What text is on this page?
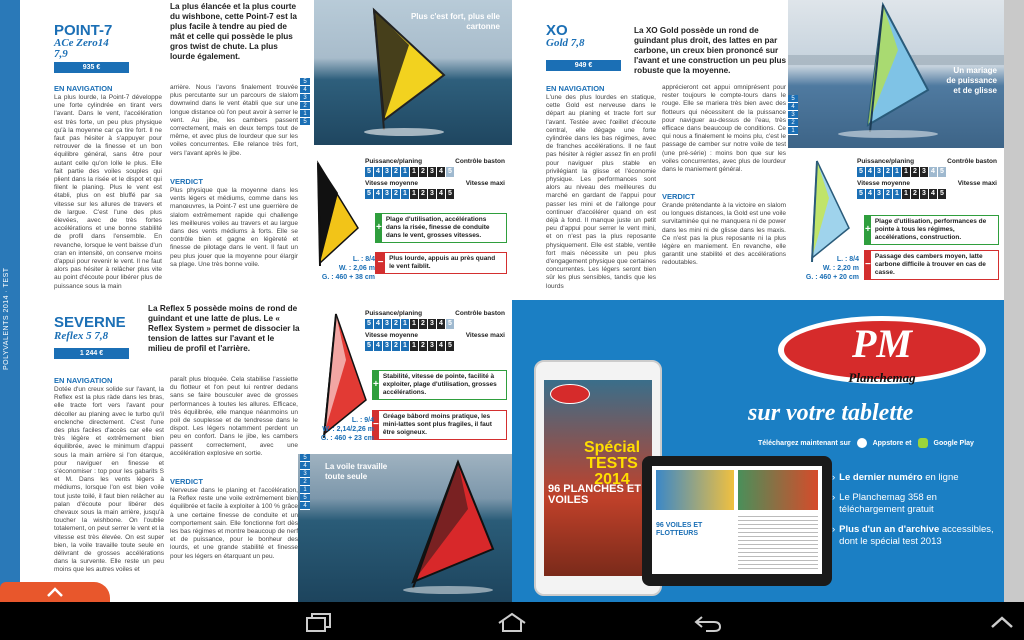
POLYVALENTS 2014 · TEST
POINT-7
ACe Zero14
7,9
935 €
La plus élancée et la plus courte du wishbone, cette Point-7 est la plus facile à tendre au pied de mât et celle qui possède le plus gros twist de chute. La plus lourde également.
Plus c'est fort, plus elle cartonne
5
4
3
2
1
5
EN NAVIGATION
La plus lourde, la Point-7 développe une forte cylindrée en tirant vers l'avant. Dans le vent, l'accélération est très forte, un peu plus physique qu'à la moyenne car ça tire fort. Il ne faut pas hésiter à s'appuyer pour retrouver de la finesse et un bon équilibre général, sans être pour autant celle qu'on lolle le plus. Elle fait partie des voiles souples qui plient dans la risée et le dispot et qui filent le planing. Plus le vent est établi, plus on est bluffé par sa vitesse sur les allures de travers et de largue. C'est l'une des plus élevées, avec de très fortes accélérations et une bonne stabilité de profil dans l'ensemble. En revanche, lorsque le vent baisse d'un cran en intensité, on conserve moins d'appui pour revenir le vent. Il ne faut alors pas hésiter à relâcher plus vite au point d'écoute pour libérer plus de puissance sous la main
arrière. Nous l'avons finalement trouvée plus percutante sur un parcours de slalom downwind dans le vent établi que sur une longue distance où l'on peut avoir à serrer le vent. Au jibe, les cambers passent correctement, mais en deux temps tout de même, et avec plus de lourdeur que sur les voiles concurrentes. Elle relance très fort, vers l'avant après le jibe.
VERDICT
Plus physique que la moyenne dans les vents légers et médiums, comme dans les manœuvres, la Point-7 est une guerrière de slalom extrêmement rapide qui challenge les meilleures voiles au travers et au largue dans des vents médiums à forts. Elle se contrôle bien et gagne en légèreté et finesse de pilotage dans le vent. Il faut un peu plus jouer que la moyenne pour élargir sa plage. Une très bonne voile.
Puissance/planing	Contrôle baston
5 4 3 2 1 1 2 3 4 5
Vitesse moyenne	Vitesse maxi
5 4 3 2 1 1 2 3 4 5
+
Plage d'utilisation, accélérations dans la risée, finesse de conduite dans le vent, grosses vitesses.
− Plus lourde, appuis au près quand le vent faiblit.
L. : 8/4
W. : 2,06 m
G. : 460 + 38 cm
XO
Gold 7,8
949 €
La XO Gold possède un rond de guindant plus droit, des lattes en par carbone, un creux bien prononcé sur l'avant et une construction un peu plus robuste que la moyenne.	Un mariage de puissance et de glisse
5
4
3
2
1
EN NAVIGATION
L'une des plus lourdes en statique, cette Gold est nerveuse dans le départ au planing et tracte fort sur l'avant. Testée avec l'œillet d'écoute central, elle dégage une forte cylindrée dans les bas régimes, avec de franches accélérations. Il ne faut pas hésiter à régler assez fin en profil pour naviguer plus stable en privilégiant la glisse et l'économie physique. Les performances sont alors au niveau des meilleures du marché en gardant de l'appui pour passer les mini et de l'allonge pour continuer d'accélérer quand on est déjà à fond. Il manque juste un petit peu d'appui pour serrer le vent mini, et on n'est pas la plus reposante physiquement. Elle est stable, ventile fort mais nécessite un peu plus d'engagement physique que certaines concurrentes. Les légers seront bien sûr les plus sensibles, tandis que les lourds
apprécieront cet appui omniprésent pour rester toujours le compte-tours dans le rouge. Elle se mariera très bien avec des flotteurs qui nécessitent de la puissance pour naviguer au-dessus de l'eau, très efficace dans beaucoup de conditions. Ce qui nous a finalement le moins plu, c'est le passage de camber sur notre voile de test (une pré-série) : moins bon que sur les voiles concurrentes, avec plus de lourdeur dans le maniement général.
VERDICT
Grande prétendante à la victoire en slalom ou longues distances, la Gold est une voile survitaminée qui ne manquera ni de power dans les mini ni de glisse dans les maxis. Ce n'est pas la plus reposante ni la plus légère en maniement. En revanche, elle garantit une stabilité et des accélérations redoutables.
Puissance/planing	Contrôle baston
5 4 3 2 1 1 2 3 4 5
Vitesse moyenne	Vitesse maxi
5 4 3 2 1 1 2 3 4 5
+
Plage d'utilisation, performances de pointe à tous les régimes, accélérations, construction.
−
Passage des cambers moyen, latte carbone difficile à trouver en cas de casse.
L. : 8/4
W. : 2,20 m
G. : 460 + 20 cm
SEVERNE
Reflex 5 7,8
1 244 €
La Reflex 5 possède moins de rond de guindant et une latte de plus. Le « Reflex System » permet de dissocier la tension de lattes sur l'avant et le milieu de profil et l'arrière.
Puissance/planing	Contrôle baston
5 4 3 2 1 1 2 3 4 5
Vitesse moyenne	Vitesse maxi
5 4 3 2 1 1 2 3 4 5
+
Stabilité, vitesse de pointe, facilité à exploiter, plage d'utilisation, grosses accélérations.
−
Gréage bâbord moins pratique, les mini-lattes sont plus fragiles, il faut être soigneux.
L. : 9/4
W. : 2,14/2,26 m
G. : 460 + 23 cm
EN NAVIGATION
Dotée d'un creux solide sur l'avant, la Reflex est la plus ràde dans les bras, elle tracte fort vers l'avant pour décoller au planing avec le turbo qu'il enclenche directement. C'est l'une des plus faciles d'accès car elle est très légère et extrêmement bien équilibrée, avec le minimum d'appui sous la main arrière si l'on étarque, pour naviguer en finesse et s'économiser : top pour les gabarits S et M. Dans les vents légers à médiums, lorsque l'on est bien voile tout juste toilé, il faut bien relâcher au palan d'écoute pour libérer des chevaux sous la main arrière, jusqu'à toucher la wishbone. On l'oublie totalement, on peut serrer le vent et la vitesse est très élevée. On est super bien, la voile travaille toute seule en délivrant de grosses accélérations dans la survente. Elle reste un peu moins que les autres voiles et
paraît plus bloquée. Cela stabilise l'assiette du flotteur et l'on peut lui rentrer dedans sans se faire bousculer avec de grosses performances à toutes les allures. Efficace, très équilibrée, elle manque néanmoins un poil de souplesse et de tendresse dans le dispot. Les légers notamment perdent un peu en confort. Dans le jibe, les cambers passent correctement, avec une accélération explosive en sortie.
VERDICT
Nerveuse dans le planing et l'accélération, la Reflex reste une voile extrêmement bien équilibrée et facile à exploiter à 100 % grâce à une certaine finesse de conduite et un comportement sain. Elle fonctionne fort dès les bas régimes et montre beaucoup de nerf et de puissance, pour le bonheur des lourds, et une grande stabilité et finesse pour les légers en étarquant un peu.
5
4
3
2
1
5
4
La voile travaille toute seule
PM
Planchemag
sur votre tablette
Téléchargez maintenant sur	Appstore et	Google Play
Spécial TESTS 2014
96 PLANCHES ET VOILES
96 VOILES ET FLOTTEURS
› Le dernier numéro en ligne
› Le Planchemag 358 en téléchargement gratuit
› Plus d'un an d'archive accessibles, dont le spécial test 2013
